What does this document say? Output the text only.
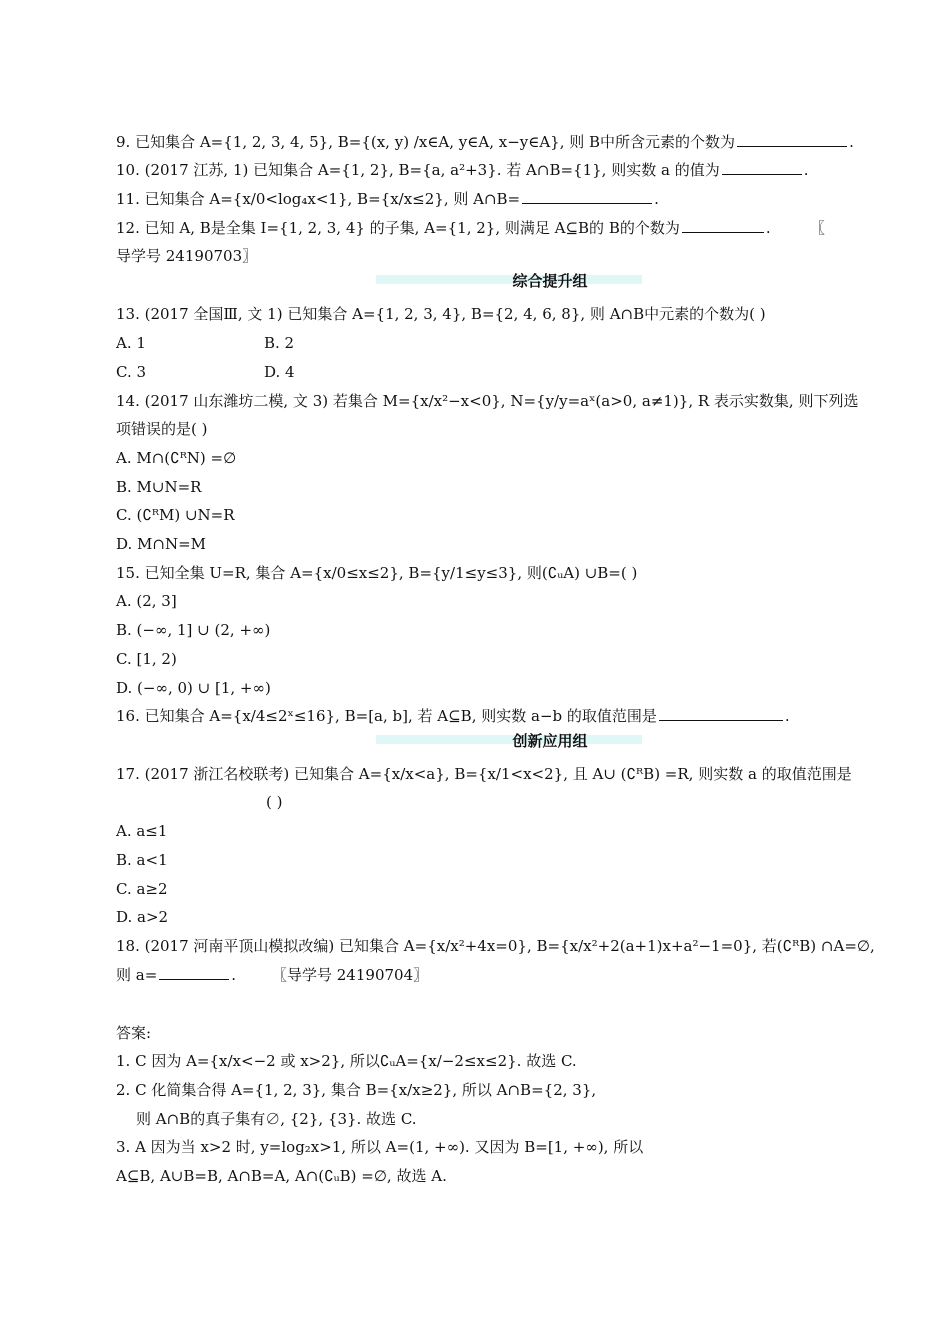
9. 已知集合 A={1, 2, 3, 4, 5}, B={(x, y) /x∈A, y∈A, x−y∈A}, 则 B中所含元素的个数为	.
10. (2017 江苏, 1) 已知集合 A={1, 2}, B={a, a²+3}. 若 A∩B={1}, 则实数 a 的值为	.
11. 已知集合 A={x/0<log₄x<1}, B={x/x≤2}, 则 A∩B=	.
12. 已知 A, B是全集 I={1, 2, 3, 4} 的子集, A={1, 2}, 则满足 A⊆B的 B的个数为	.	〖
导学号 24190703〗
综合提升组
13. (2017 全国Ⅲ, 文 1) 已知集合 A={1, 2, 3, 4}, B={2, 4, 6, 8}, 则 A∩B中元素的个数为( )
A. 1	B. 2
C. 3	D. 4
14. (2017 山东潍坊二模, 文 3) 若集合 M={x/x²−x<0}, N={y/y=aˣ(a>0, a≠1)}, R 表示实数集, 则下列选
项错误的是( )
A. M∩(∁ᴿN) =∅
B. M∪N=R
C. (∁ᴿM) ∪N=R
D. M∩N=M
15. 已知全集 U=R, 集合 A={x/0≤x≤2}, B={y/1≤y≤3}, 则(∁ᵤA) ∪B=( )
A. (2, 3]
B. (−∞, 1] ∪ (2, +∞)
C. [1, 2)
D. (−∞, 0) ∪ [1, +∞)
16. 已知集合 A={x/4≤2ˣ≤16}, B=[a, b], 若 A⊆B, 则实数 a−b 的取值范围是	.
创新应用组
17. (2017 浙江名校联考) 已知集合 A={x/x<a}, B={x/1<x<2}, 且 A∪ (∁ᴿB) =R, 则实数 a 的取值范围是
( )
A. a≤1
B. a<1
C. a≥2
D. a>2
18. (2017 河南平顶山模拟改编) 已知集合 A={x/x²+4x=0}, B={x/x²+2(a+1)x+a²−1=0}, 若(∁ᴿB) ∩A=∅,
则 a=	. 〖导学号 24190704〗
答案:
1. C 因为 A={x/x<−2 或 x>2}, 所以∁ᵤA={x/−2≤x≤2}. 故选 C.
2. C 化简集合得 A={1, 2, 3}, 集合 B={x/x≥2}, 所以 A∩B={2, 3},
则 A∩B的真子集有∅, {2}, {3}. 故选 C.
3. A 因为当 x>2 时, y=log₂x>1, 所以 A=(1, +∞). 又因为 B=[1, +∞), 所以
A⊆B, A∪B=B, A∩B=A, A∩(∁ᵤB) =∅, 故选 A.
